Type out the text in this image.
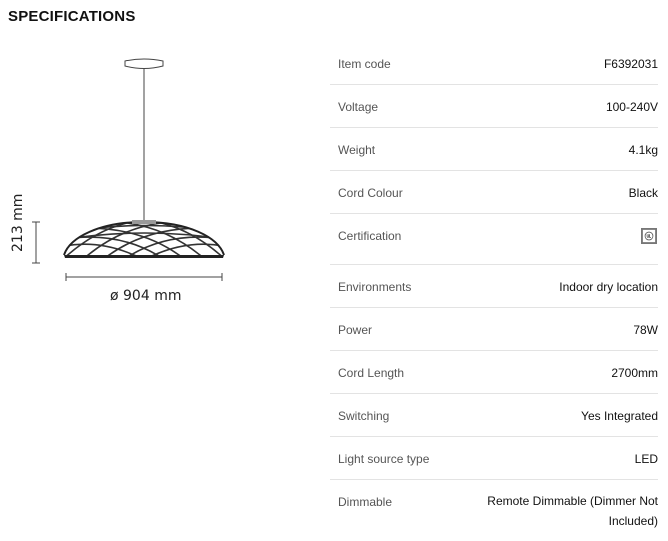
SPECIFICATIONS
213 mm
ø 904 mm
Item code	F6392031
Voltage	100-240V
Weight	4.1kg
Cord Colour	Black
Certification
Environments	Indoor dry location
Power	78W
Cord Length	2700mm
Switching	Yes Integrated
Light source type	LED
Dimmable	Remote Dimmable (Dimmer Not Included)
